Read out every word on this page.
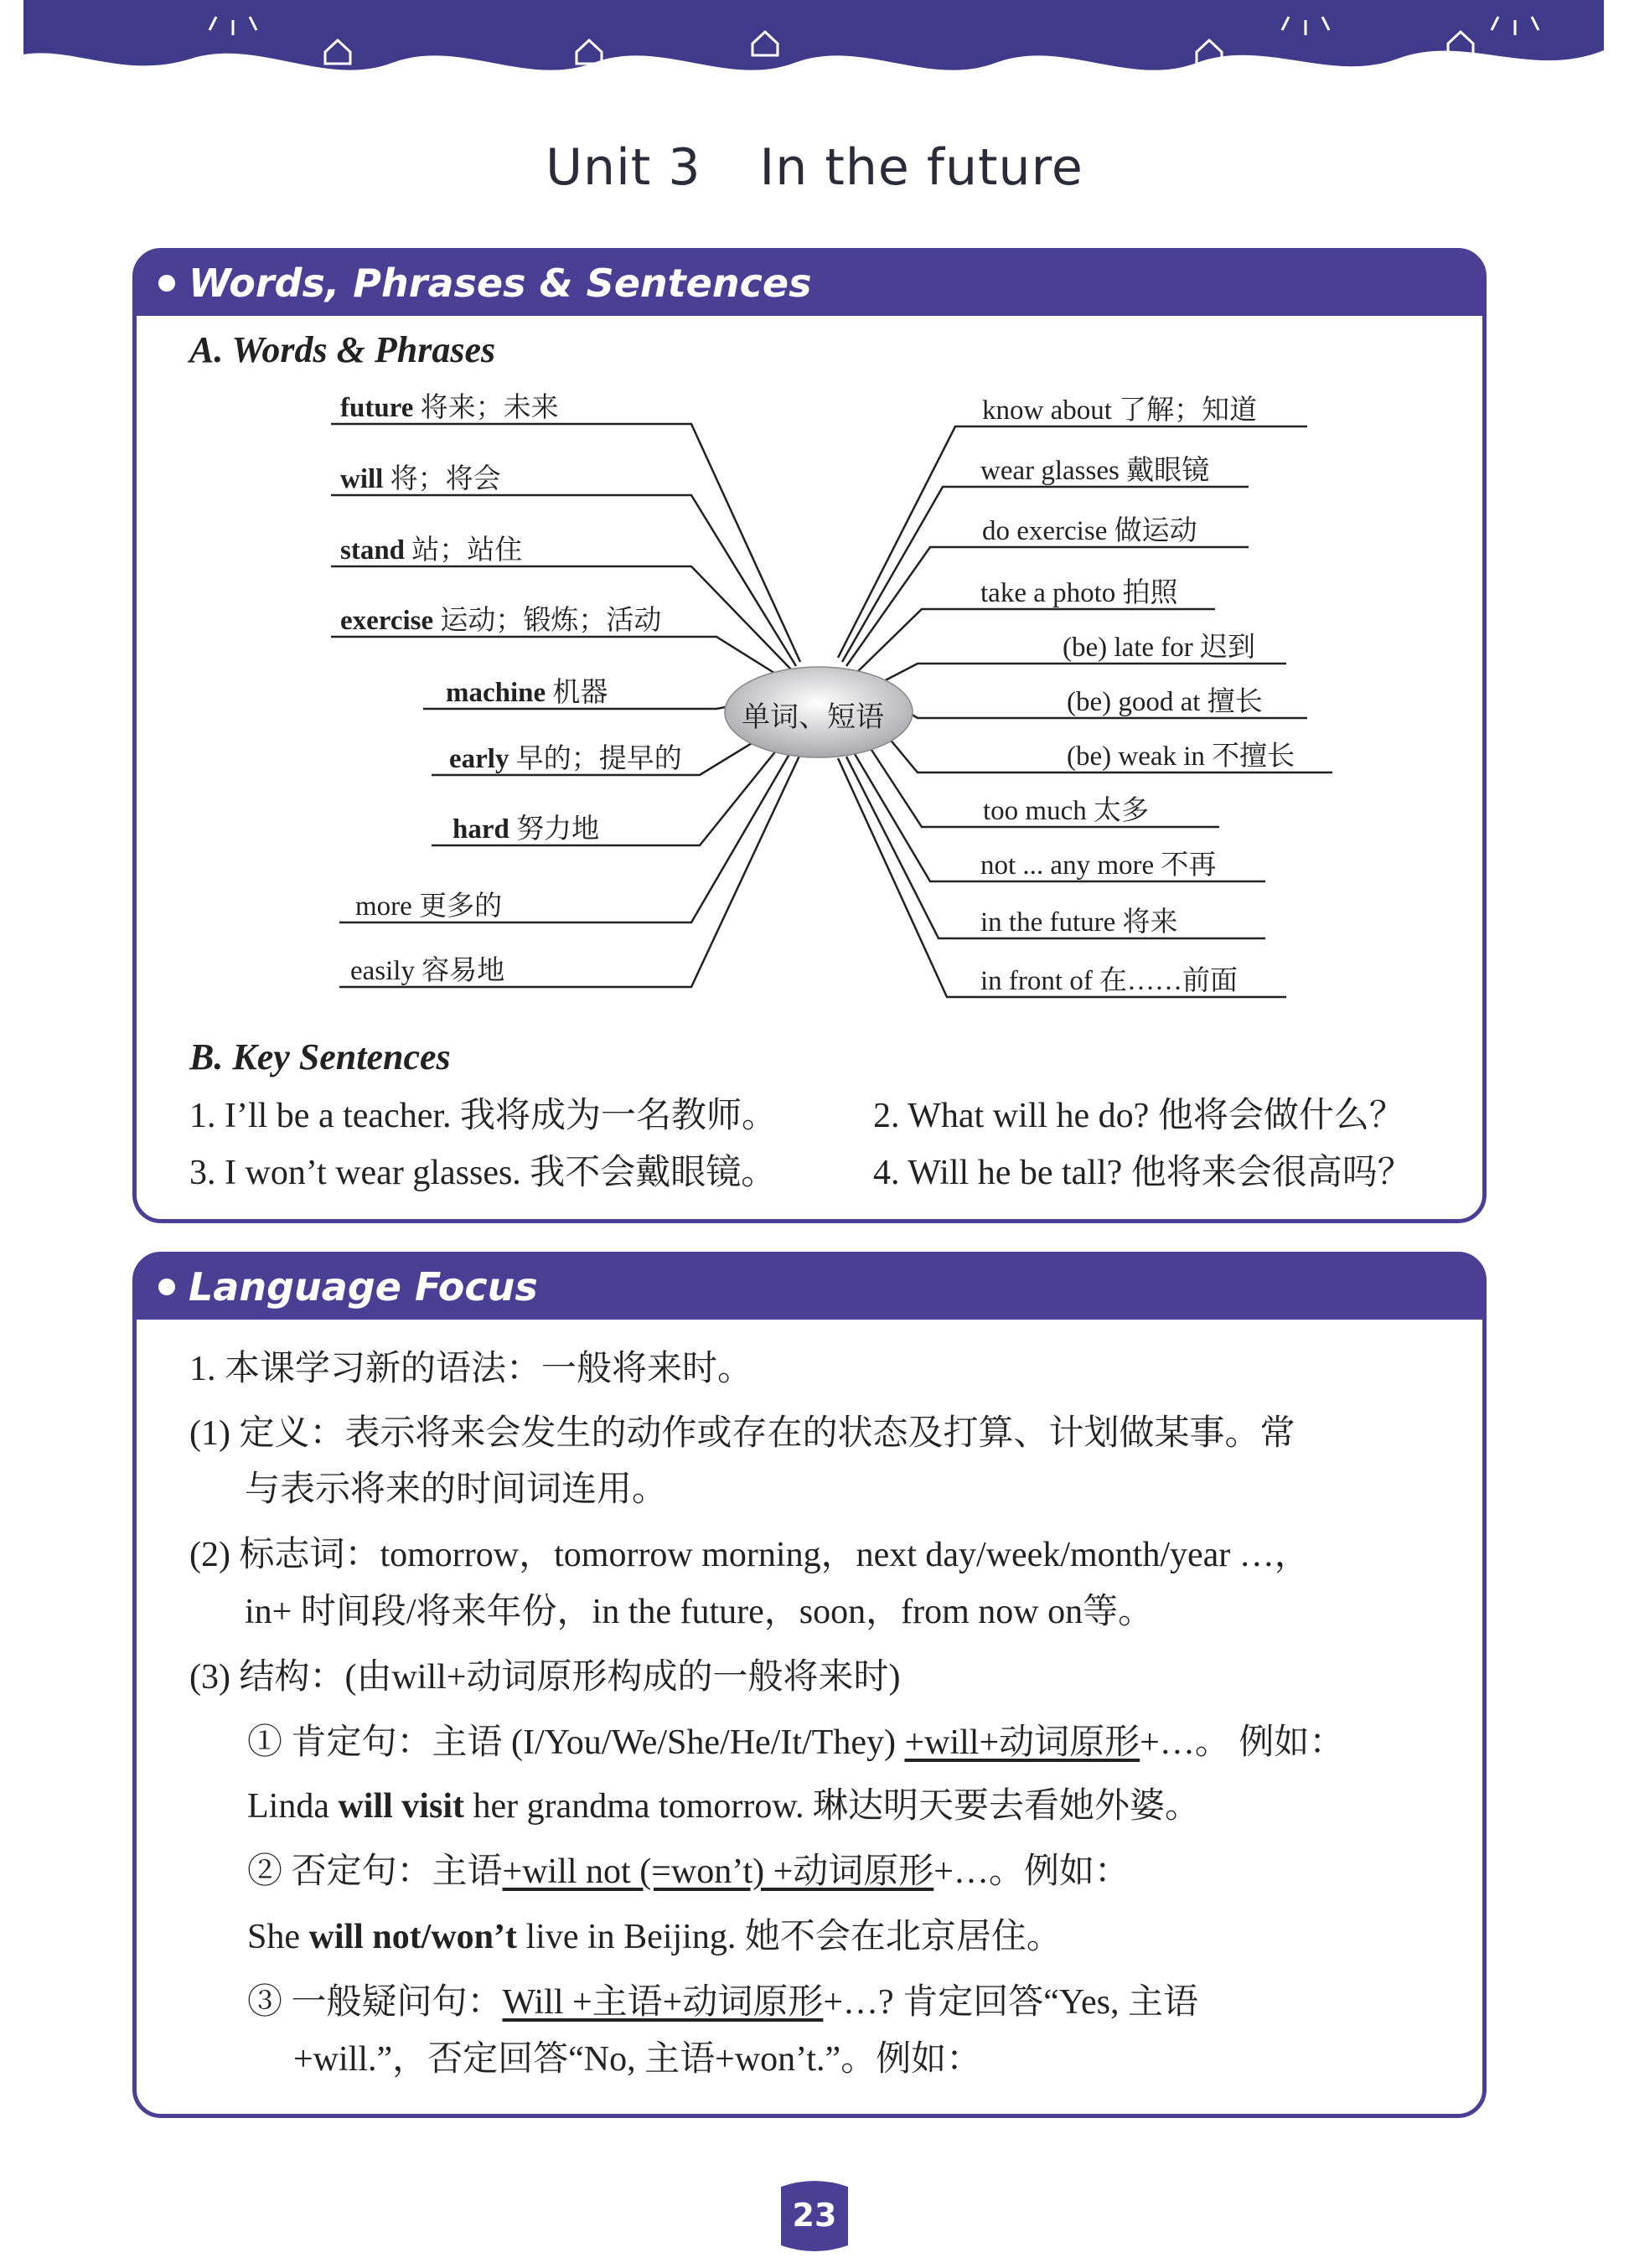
Unit 3 In the future
Words, Phrases & Sentences
A. Words & Phrases
单词、短语
future 将来；未来
will 将；将会
stand 站；站住
exercise 运动；锻炼；活动
machine 机器
early 早的；提早的
hard 努力地
more 更多的
easily 容易地
know about 了解；知道
wear glasses 戴眼镜
do exercise 做运动
take a photo 拍照
(be) late for 迟到
(be) good at 擅长
(be) weak in 不擅长
too much 太多
not ... any more 不再
in the future 将来
in front of 在……前面
B. Key Sentences
1. I’ll be a teacher. 我将成为一名教师。	2. What will he do? 他将会做什么？
3. I won’t wear glasses. 我不会戴眼镜。	4. Will he be tall? 他将来会很高吗？
Language Focus
1. 本课学习新的语法：一般将来时。
(1) 定义：表示将来会发生的动作或存在的状态及打算、计划做某事。常
与表示将来的时间词连用。
(2) 标志词：tomorrow，tomorrow morning，next day/week/month/year …，
in+ 时间段/将来年份，in the future，soon，from now on等。
(3) 结构：(由will+动词原形构成的一般将来时)
① 肯定句：主语 (I/You/We/She/He/It/They) +will+动词原形+…。 例如：
Linda will visit her grandma tomorrow. 琳达明天要去看她外婆。
② 否定句：主语+will not (=won’t) +动词原形+…。例如：
She will not/won’t live in Beijing. 她不会在北京居住。
③ 一般疑问句：Will +主语+动词原形+…? 肯定回答“Yes, 主语
+will.”，否定回答“No, 主语+won’t.”。例如：
23
